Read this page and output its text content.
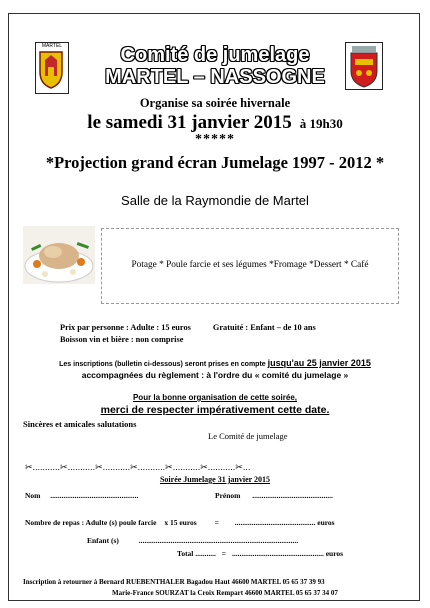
MARTEL	Comité de jumelage
MARTEL – NASSOGNE
Organise sa soirée hivernale
le samedi 31 janvier 2015 à 19h30
*****
*Projection grand écran Jumelage 1997 - 2012 *
Salle de la Raymondie de Martel
Potage * Poule farcie et ses légumes *Fromage *Dessert * Café
Prix par personne : Adulte : 15 euros	Gratuité : Enfant – de 10 ans
Boisson vin et bière : non comprise
Les inscriptions (bulletin ci-dessous) seront prises en compte jusqu'au 25 janvier 2015
accompagnées du règlement : à l'ordre du « comité du jumelage »
Pour la bonne organisation de cette soirée,
merci de respecter impérativement cette date.
Sincères et amicales salutations
Le Comité de jumelage
✂...........✂...........✂...........✂...........✂...........✂...........✂...
Soirée Jumelage 31 janvier 2015
Nom ...............................................	Prénom ...........................................
Nombre de repas : Adulte (s) poule farcie x 15 euros = ........................................... euros
Enfant (s)	.....................................................................................
Total ........... = ................................................. euros
Inscription à retourner à Bernard RUEBENTHALER Bagadou Haut 46600 MARTEL 05 65 37 39 93
Marie-France SOURZAT la Croix Rempart 46600 MARTEL 05 65 37 34 07
